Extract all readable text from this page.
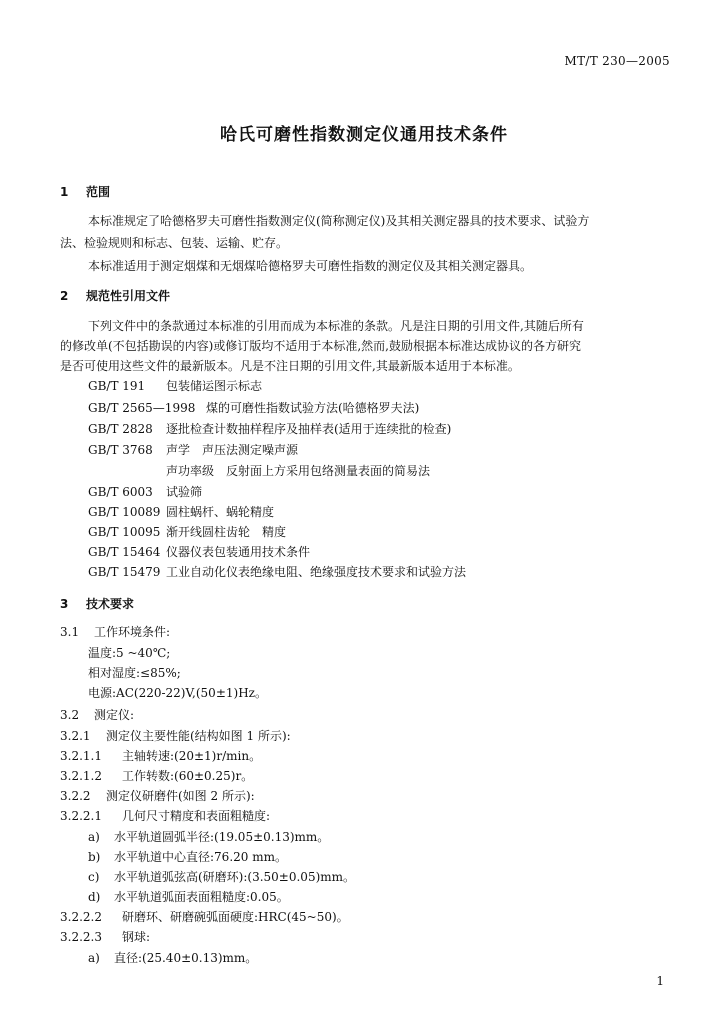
MT/T 230—2005
哈氏可磨性指数测定仪通用技术条件
1 范围
本标准规定了哈德格罗夫可磨性指数测定仪(简称测定仪)及其相关测定器具的技术要求、试验方
法、检验规则和标志、包装、运输、贮存。
本标准适用于测定烟煤和无烟煤哈德格罗夫可磨性指数的测定仪及其相关测定器具。
2 规范性引用文件
下列文件中的条款通过本标准的引用而成为本标准的条款。凡是注日期的引用文件,其随后所有
的修改单(不包括勘误的内容)或修订版均不适用于本标准,然而,鼓励根据本标准达成协议的各方研究
是否可使用这些文件的最新版本。凡是不注日期的引用文件,其最新版本适用于本标准。
GB/T 191 包装储运图示标志
GB/T 2565—1998 煤的可磨性指数试验方法(哈德格罗夫法)
GB/T 2828 逐批检查计数抽样程序及抽样表(适用于连续批的检查)
GB/T 3768 声学　声压法测定噪声源
声功率级　反射面上方采用包络测量表面的简易法
GB/T 6003 试验筛
GB/T 10089 圆柱蜗杆、蜗轮精度
GB/T 10095 渐开线圆柱齿轮　精度
GB/T 15464 仪器仪表包装通用技术条件
GB/T 15479 工业自动化仪表绝缘电阻、绝缘强度技术要求和试验方法
3 技术要求
3.1 工作环境条件:
温度:5 ~40℃;
相对湿度:≤85%;
电源:AC(220-22)V,(50±1)Hz。
3.2 测定仪:
3.2.1 测定仪主要性能(结构如图 1 所示):
3.2.1.1 主轴转速:(20±1)r/min。
3.2.1.2 工作转数:(60±0.25)r。
3.2.2 测定仪研磨件(如图 2 所示):
3.2.2.1 几何尺寸精度和表面粗糙度:
a) 水平轨道圆弧半径:(19.05±0.13)mm。
b) 水平轨道中心直径:76.20 mm。
c) 水平轨道弧弦高(研磨环):(3.50±0.05)mm。
d) 水平轨道弧面表面粗糙度:0.05。
3.2.2.2 研磨环、研磨碗弧面硬度:HRC(45~50)。
3.2.2.3 钢球:
a) 直径:(25.40±0.13)mm。
1
